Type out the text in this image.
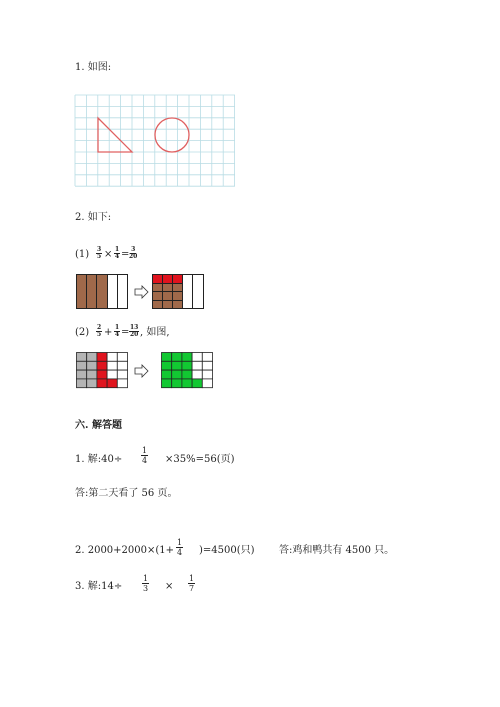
1. 如图:
2. 如下:
$(1) \frac{3}{5} \times \frac{1}{4} = \frac{3}{20}$
$(2) \frac{2}{5} + \frac{1}{4} = \frac{13}{20}$ , 如图,
六. 解答题
1. 解:40÷ $\frac{1}{4} \times 35\%=56$(页)
答:第二天看了 56 页。
2. $2000+2000\times(1+ \frac{1}{4} )=4500$(只) 答:鸡和鸭共有 4500 只。
3. 解:14÷ $\frac{1}{3} \times \frac{1}{7}$
